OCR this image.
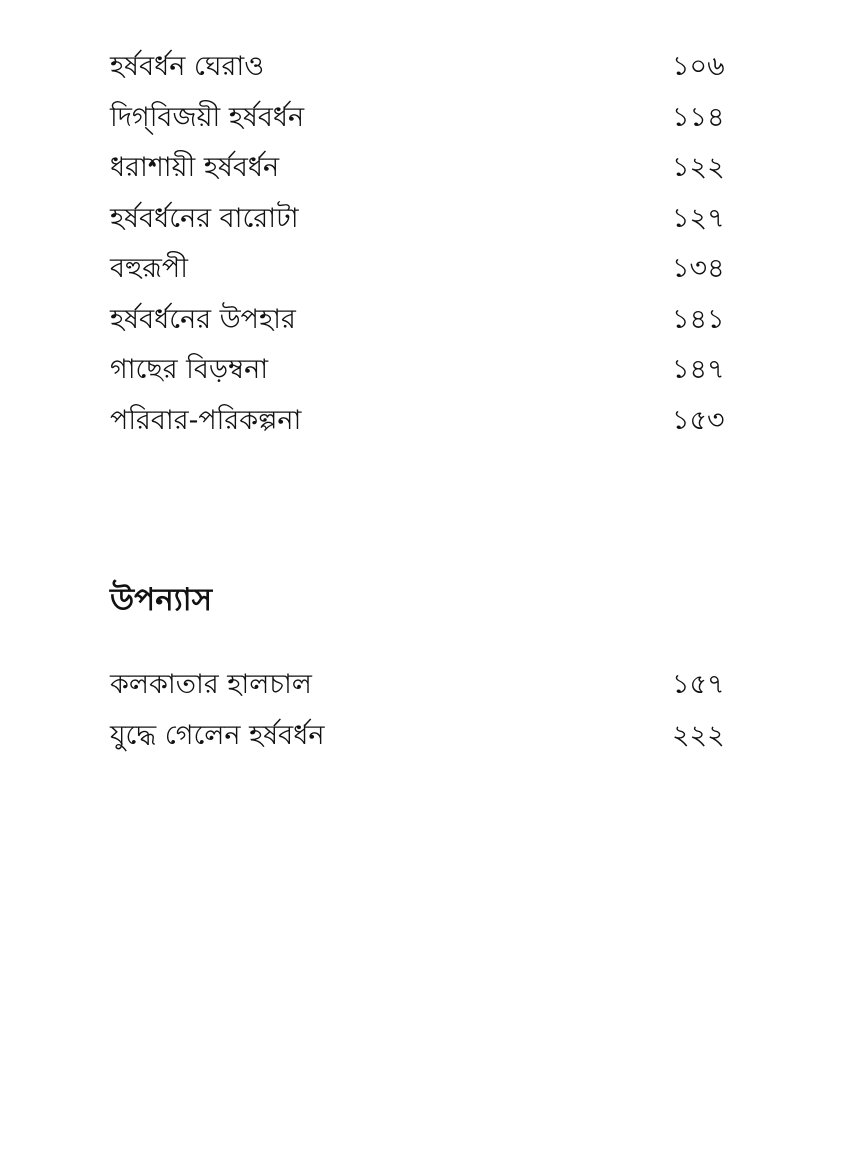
হর্ষবর্ধন ঘেরাও	১০৬
দিগ্‌বিজয়ী হর্ষবর্ধন	১১৪
ধরাশায়ী হর্ষবর্ধন	১২২
হর্ষবর্ধনের বারোটা	১২৭
বহুরূপী	১৩৪
হর্ষবর্ধনের উপহার	১৪১
গাছের বিড়ম্বনা	১৪৭
পরিবার-পরিকল্পনা	১৫৩
উপন্যাস
কলকাতার হালচাল	১৫৭
যুদ্ধে গেলেন হর্ষবর্ধন	২২২
